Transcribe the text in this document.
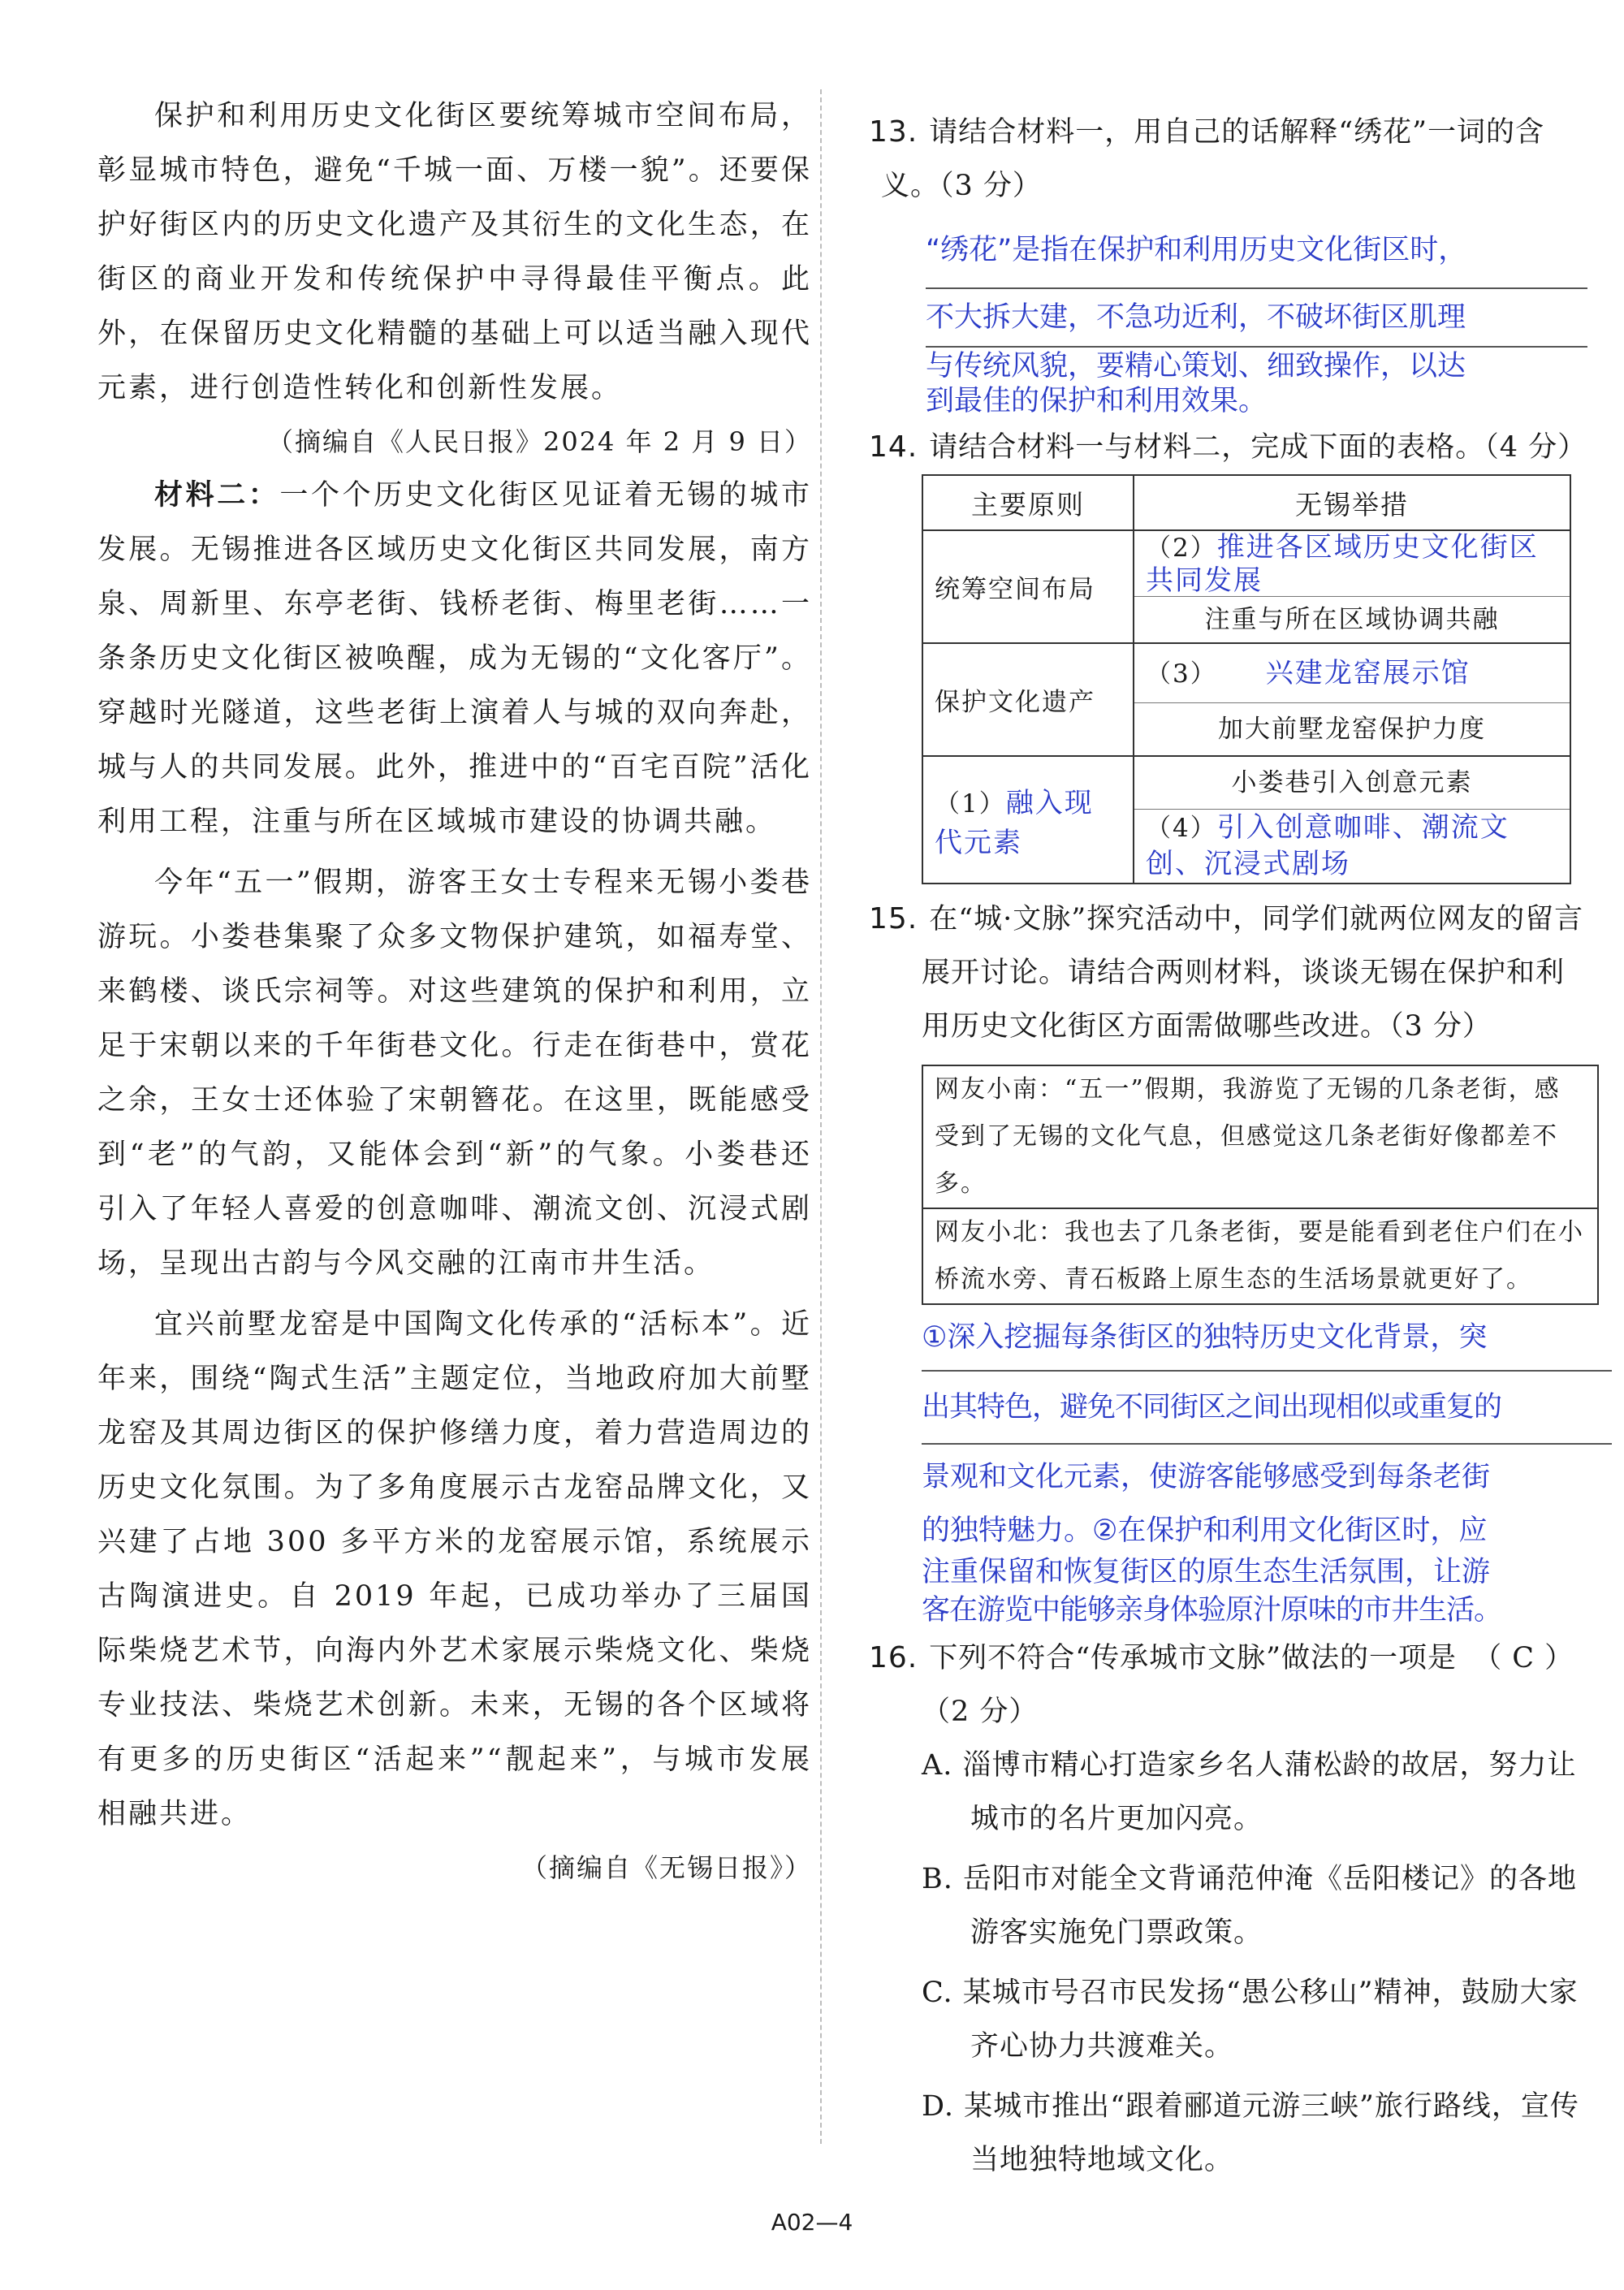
保护和利用历史文化街区要统筹城市空间布局，彰显城市特色，避免“千城一面、万楼一貌”。还要保护好街区内的历史文化遗产及其衍生的文化生态，在街区的商业开发和传统保护中寻得最佳平衡点。此外，在保留历史文化精髓的基础上可以适当融入现代元素，进行创造性转化和创新性发展。

（摘编自《人民日报》2024 年 2 月 9 日）

材料二：一个个历史文化街区见证着无锡的城市发展。无锡推进各区域历史文化街区共同发展，南方泉、周新里、东亭老街、钱桥老街、梅里老街……一条条历史文化街区被唤醒，成为无锡的“文化客厅”。穿越时光隧道，这些老街上演着人与城的双向奔赴，城与人的共同发展。此外，推进中的“百宅百院”活化利用工程，注重与所在区域城市建设的协调共融。

今年“五一”假期，游客王女士专程来无锡小娄巷游玩。小娄巷集聚了众多文物保护建筑，如福寿堂、来鹤楼、谈氏宗祠等。对这些建筑的保护和利用，立足于宋朝以来的千年街巷文化。行走在街巷中，赏花之余，王女士还体验了宋朝簪花。在这里，既能感受到“老”的气韵，又能体会到“新”的气象。小娄巷还引入了年轻人喜爱的创意咖啡、潮流文创、沉浸式剧场，呈现出古韵与今风交融的江南市井生活。

宜兴前墅龙窑是中国陶文化传承的“活标本”。近年来，围绕“陶式生活”主题定位，当地政府加大前墅龙窑及其周边街区的保护修缮力度，着力营造周边的历史文化氛围。为了多角度展示古龙窑品牌文化，又兴建了占地 300 多平方米的龙窑展示馆，系统展示古陶演进史。自 2019 年起，已成功举办了三届国际柴烧艺术节，向海内外艺术家展示柴烧文化、柴烧专业技法、柴烧艺术创新。未来，无锡的各个区域将有更多的历史街区“活起来”“靓起来”，与城市发展相融共进。

（摘编自《无锡日报》）

13. 请结合材料一，用自己的话解释“绣花”一词的含义。（3 分）

“绣花”是指在保护和利用历史文化街区时，

不大拆大建，不急功近利，不破坏街区肌理

与传统风貌，要精心策划、细致操作，以达

到最佳的保护和利用效果。

14. 请结合材料一与材料二，完成下面的表格。（4 分）

主要原则	无锡举措
统筹空间布局	（2）推进各区域历史文化街区共同发展
注重与所在区域协调共融

保护文化遗产	（3） 兴建龙窑展示馆
加大前墅龙窑保护力度

（1）融入现代元素	小娄巷引入创意元素
（4）引入创意咖啡、潮流文创、沉浸式剧场

15. 在“城·文脉”探究活动中，同学们就两位网友的留言展开讨论。请结合两则材料，谈谈无锡在保护和利用历史文化街区方面需做哪些改进。（3 分）

网友小南：“五一”假期，我游览了无锡的几条老街，感受到了无锡的文化气息，但感觉这几条老街好像都差不多。

网友小北：我也去了几条老街，要是能看到老住户们在小桥流水旁、青石板路上原生态的生活场景就更好了。

①深入挖掘每条街区的独特历史文化背景，突

出其特色，避免不同街区之间出现相似或重复的

景观和文化元素，使游客能够感受到每条老街

的独特魅力。②在保护和利用文化街区时，应

注重保留和恢复街区的原生态生活氛围，让游

客在游览中能够亲身体验原汁原味的市井生活。

16. 下列不符合“传承城市文脉”做法的一项是 （ C ）（2 分）

A. 淄博市精心打造家乡名人蒲松龄的故居，努力让城市的名片更加闪亮。

B. 岳阳市对能全文背诵范仲淹《岳阳楼记》的各地游客实施免门票政策。

C. 某城市号召市民发扬“愚公移山”精神，鼓励大家齐心协力共渡难关。

D. 某城市推出“跟着郦道元游三峡”旅行路线，宣传当地独特地域文化。

A02—4
